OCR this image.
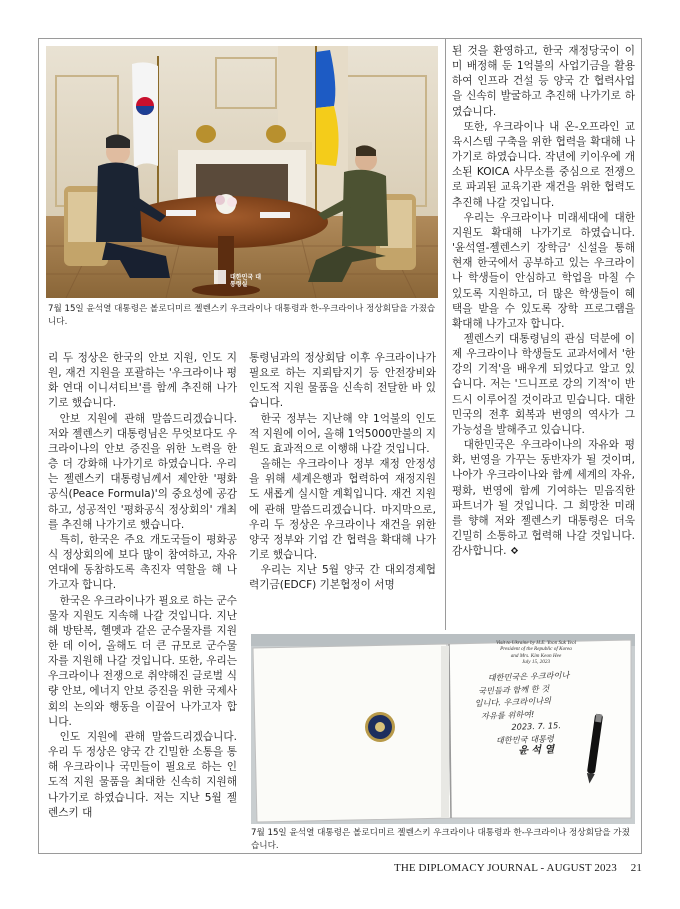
대한민국 대통령실
7월 15일 윤석열 대통령은 볼로디미르 젤렌스키 우크라이나 대통령과 한-우크라이나 정상회담을 가졌습니다.

리 두 정상은 한국의 안보 지원, 인도 지원, 재건 지원을 포괄하는 '우크라이나 평화 연대 이니셔티브'를 함께 추진해 나가기로 했습니다.

안보 지원에 관해 말씀드리겠습니다. 저와 젤렌스키 대통령님은 무엇보다도 우크라이나의 안보 증진을 위한 노력을 한층 더 강화해 나가기로 하였습니다. 우리는 젤렌스키 대통령님께서 제안한 '평화공식(Peace Formula)'의 중요성에 공감하고, 성공적인 '평화공식 정상회의' 개최를 추진해 나가기로 했습니다.

특히, 한국은 주요 개도국들이 평화공식 정상회의에 보다 많이 참여하고, 자유연대에 동참하도록 촉진자 역할을 해 나가고자 합니다.

한국은 우크라이나가 필요로 하는 군수물자 지원도 지속해 나갈 것입니다. 지난해 방탄복, 헬멧과 같은 군수물자를 지원한 데 이어, 올해도 더 큰 규모로 군수물자를 지원해 나갈 것입니다. 또한, 우리는 우크라이나 전쟁으로 취약해진 글로벌 식량 안보, 에너지 안보 증진을 위한 국제사회의 논의와 행동을 이끌어 나가고자 합니다.

인도 지원에 관해 말씀드리겠습니다. 우리 두 정상은 양국 간 긴밀한 소통을 통해 우크라이나 국민들이 필요로 하는 인도적 지원 물품을 최대한 신속히 지원해 나가기로 하였습니다. 저는 지난 5월 젤렌스키 대

통령님과의 정상회담 이후 우크라이나가 필요로 하는 지뢰탐지기 등 안전장비와 인도적 지원 물품을 신속히 전달한 바 있습니다.

한국 정부는 지난해 약 1억불의 인도적 지원에 이어, 올해 1억5000만불의 지원도 효과적으로 이행해 나갈 것입니다.

올해는 우크라이나 정부 재정 안정성을 위해 세계은행과 협력하여 재정지원도 새롭게 실시할 계획입니다. 재건 지원에 관해 말씀드리겠습니다. 마지막으로, 우리 두 정상은 우크라이나 재건을 위한 양국 정부와 기업 간 협력을 확대해 나가기로 했습니다.

우리는 지난 5월 양국 간 대외경제협력기금(EDCF) 기본협정이 서명

된 것을 환영하고, 한국 재정당국이 이미 배정해 둔 1억불의 사업기금을 활용하여 인프라 건설 등 양국 간 협력사업을 신속히 발굴하고 추진해 나가기로 하였습니다.

또한, 우크라이나 내 온-오프라인 교육시스템 구축을 위한 협력을 확대해 나가기로 하였습니다. 작년에 키이우에 개소된 KOICA 사무소를 중심으로 전쟁으로 파괴된 교육기관 재건을 위한 협력도 추진해 나갈 것입니다.

우리는 우크라이나 미래세대에 대한 지원도 확대해 나가기로 하였습니다. '윤석열-젤렌스키 장학금' 신설을 통해 현재 한국에서 공부하고 있는 우크라이나 학생들이 안심하고 학업을 마칠 수 있도록 지원하고, 더 많은 학생들이 혜택을 받을 수 있도록 장학 프로그램을 확대해 나가고자 합니다.

젤렌스키 대통령님의 관심 덕분에 이제 우크라이나 학생들도 교과서에서 '한강의 기적'을 배우게 되었다고 알고 있습니다. 저는 '드니프로 강의 기적'이 반드시 이루어질 것이라고 믿습니다. 대한민국의 전후 회복과 번영의 역사가 그 가능성을 발해주고 있습니다.

대한민국은 우크라이나의 자유와 평화, 번영을 가꾸는 동반자가 될 것이며, 나아가 우크라이나와 함께 세계의 자유, 평화, 번영에 함께 기여하는 믿음직한 파트너가 될 것입니다. 그 희망찬 미래를 향해 저와 젤렌스키 대통령은 더욱 긴밀히 소통하고 협력해 나갈 것입니다. 감사합니다.

Visit to Ukraine by H.E. Yoon Suk Yeol
President of the Republic of Korea
and Mrs. Kim Keon Hee
July 15, 2023
대한민국은 우크라이나
국민들과 함께 한 것
입니다. 우크라이나의
자유를 위하여!
2023. 7. 15.
대한민국 대통령
윤 석 열
7월 15일 윤석열 대통령은 볼로디미르 젤렌스키 우크라이나 대통령과 한-우크라이나 정상회담을 가졌습니다.
THE DIPLOMACY JOURNAL - AUGUST 2023 21
